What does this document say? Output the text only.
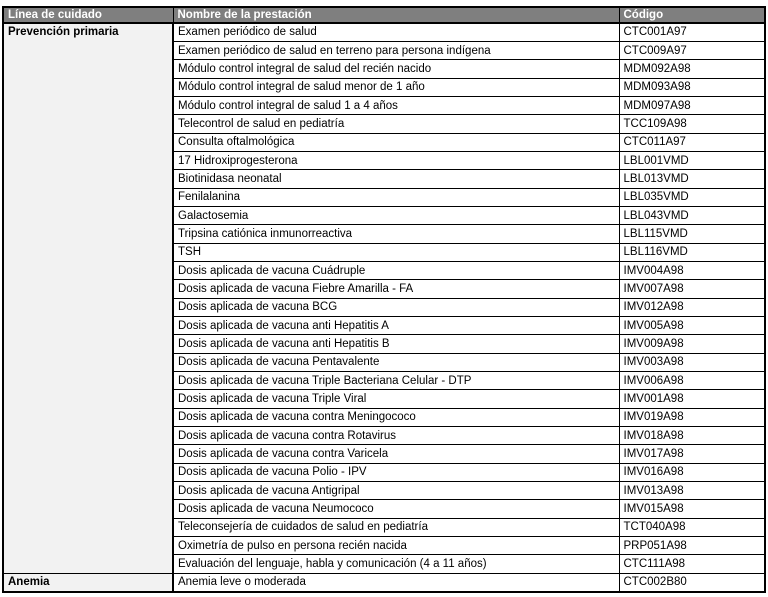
Línea de cuidado	Nombre de la prestación	Código
Prevención primaria	Examen periódico de salud	CTC001A97
	Examen periódico de salud en terreno para persona indígena	CTC009A97
	Módulo control integral de salud del recién nacido	MDM092A98
	Módulo control integral de salud menor de 1 año	MDM093A98
	Módulo control integral de salud 1 a 4 años	MDM097A98
	Telecontrol de salud en pediatría	TCC109A98
	Consulta oftalmológica	CTC011A97
	17 Hidroxiprogesterona	LBL001VMD
	Biotinidasa neonatal	LBL013VMD
	Fenilalanina	LBL035VMD
	Galactosemia	LBL043VMD
	Tripsina catiónica inmunorreactiva	LBL115VMD
	TSH	LBL116VMD
	Dosis aplicada de vacuna Cuádruple	IMV004A98
	Dosis aplicada de vacuna Fiebre Amarilla - FA	IMV007A98
	Dosis aplicada de vacuna BCG	IMV012A98
	Dosis aplicada de vacuna anti Hepatitis A	IMV005A98
	Dosis aplicada de vacuna anti Hepatitis B	IMV009A98
	Dosis aplicada de vacuna Pentavalente	IMV003A98
	Dosis aplicada de vacuna Triple Bacteriana Celular - DTP	IMV006A98
	Dosis aplicada de vacuna Triple Viral	IMV001A98
	Dosis aplicada de vacuna contra Meningococo	IMV019A98
	Dosis aplicada de vacuna contra Rotavirus	IMV018A98
	Dosis aplicada de vacuna contra Varicela	IMV017A98
	Dosis aplicada de vacuna Polio - IPV	IMV016A98
	Dosis aplicada de vacuna Antigripal	IMV013A98
	Dosis aplicada de vacuna Neumococo	IMV015A98
	Teleconsejería de cuidados de salud en pediatría	TCT040A98
	Oximetría de pulso en persona recién nacida	PRP051A98
	Evaluación del lenguaje, habla y comunicación (4 a 11 años)	CTC111A98
Anemia	Anemia leve o moderada	CTC002B80
